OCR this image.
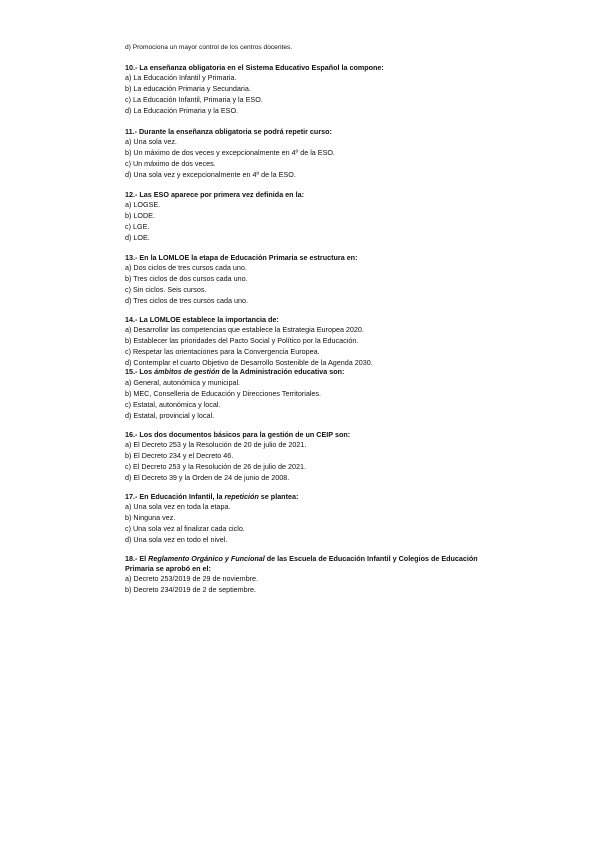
d) Promociona un mayor control de los centros docentes.
10.- La enseñanza obligatoria en el Sistema Educativo Español la compone:
a) La Educación Infantil y Primaria.
b) La educación Primaria y Secundaria.
c) La Educación Infantil, Primaria y la ESO.
d) La Educación Primaria y la ESO.
11.- Durante la enseñanza obligatoria se podrá repetir curso:
a) Una sola vez.
b) Un máximo de dos veces y excepcionalmente en 4º de la ESO.
c) Un máximo de dos veces.
d) Una sola vez y excepcionalmente en 4º de la ESO.
12.- Las ESO aparece por primera vez definida en la:
a) LOGSE.
b) LODE.
c) LGE.
d) LOE.
13.- En la LOMLOE la etapa de Educación Primaria se estructura en:
a) Dos ciclos de tres cursos cada uno.
b) Tres ciclos de dos cursos cada uno.
c) Sin ciclos. Seis cursos.
d) Tres ciclos de tres cursos cada uno.
14.- La LOMLOE establece la importancia de:
a) Desarrollar las competencias que establece la Estrategia Europea 2020.
b) Establecer las prioridades del Pacto Social y Político por la Educación.
c) Respetar las orientaciones para la Convergencia Europea.
d) Contemplar el cuarto Objetivo de Desarrollo Sostenible de la Agenda 2030.
15.- Los ámbitos de gestión de la Administración educativa son:
a) General, autonómica y municipal.
b) MEC, Conselleria de Educación y Direcciones Territoriales.
c) Estatal, autonómica y local.
d) Estatal, provincial y local.
16.- Los dos documentos básicos para la gestión de un CEIP son:
a) El Decreto 253 y la Resolución de 20 de julio de 2021.
b) El Decreto 234 y el Decreto 46.
c) El Decreto 253 y la Resolución de 26 de julio de 2021.
d) El Decreto 39 y la Orden de 24 de junio de 2008.
17.- En Educación Infantil, la repetición se plantea:
a) Una sola vez en toda la etapa.
b) Ninguna vez.
c) Una sola vez al finalizar cada ciclo.
d) Una sola vez en todo el nivel.
18.- El Reglamento Orgánico y Funcional de las Escuela de Educación Infantil y Colegios de Educación
Primaria se aprobó en el:
a) Decreto 253/2019 de 29 de noviembre.
b) Decreto 234/2019 de 2 de septiembre.
